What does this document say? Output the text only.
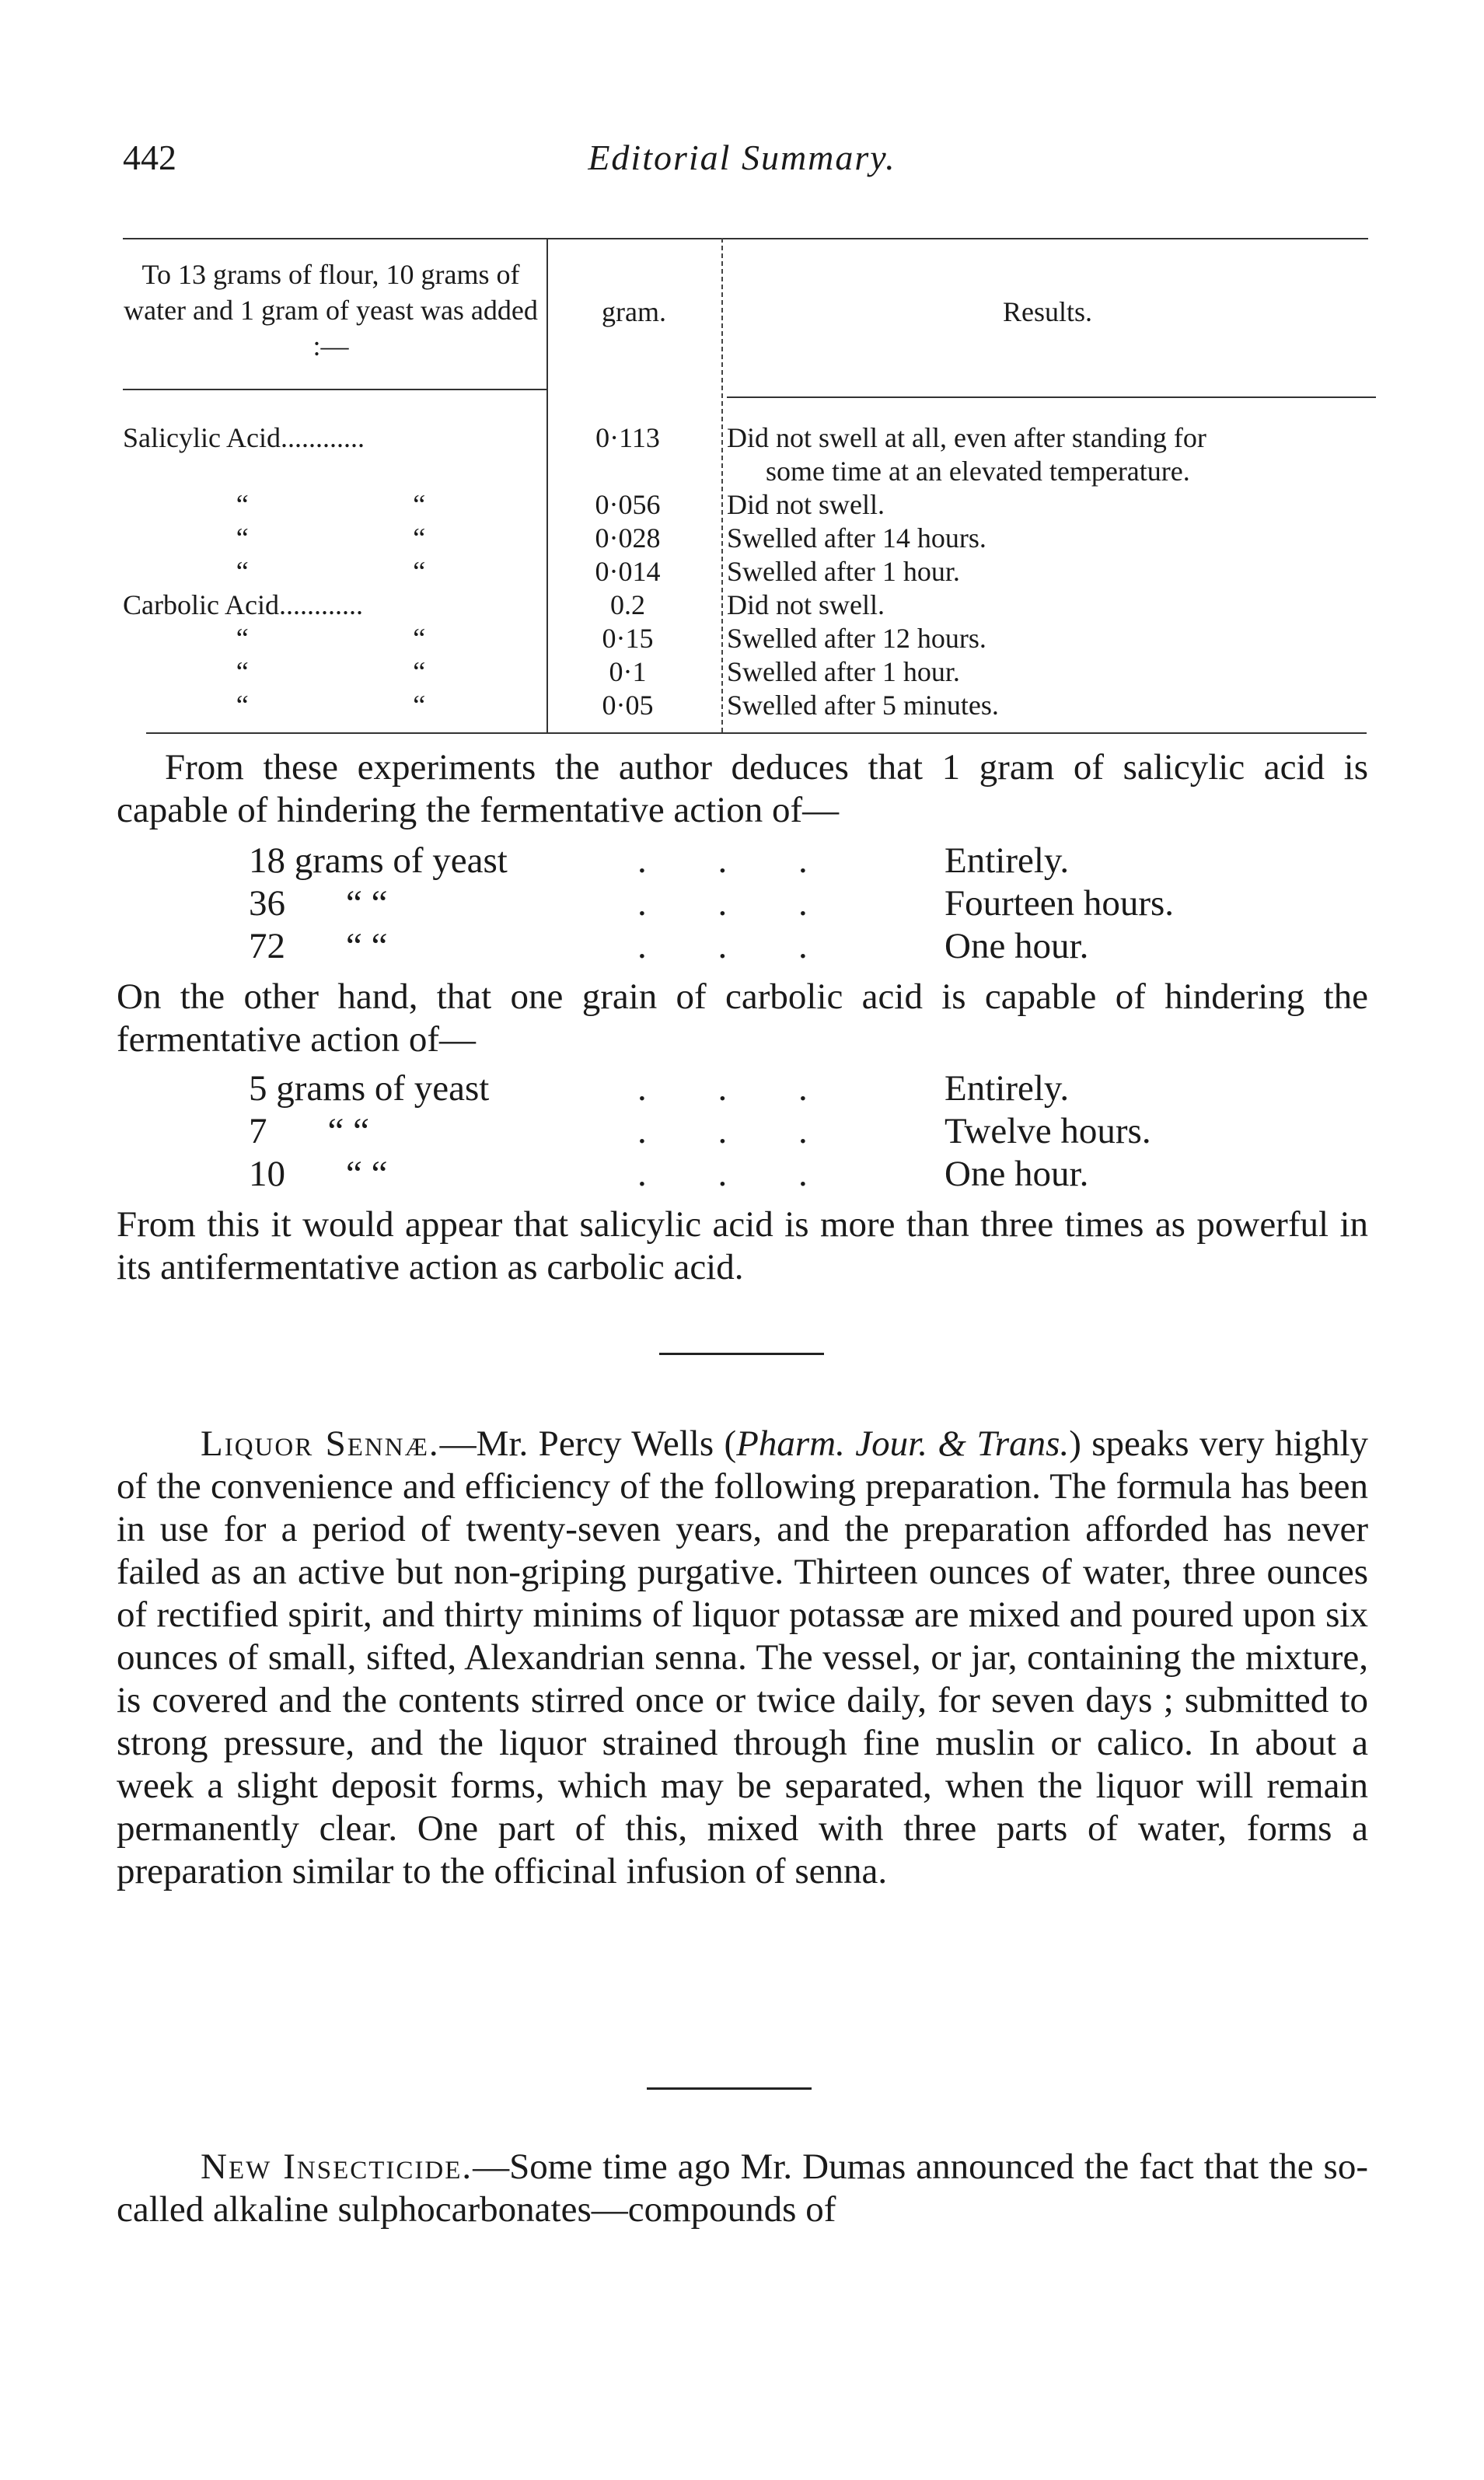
442	Editorial Summary.
To 13 grams of flour, 10 grams of water and 1 gram of yeast was added :—
gram.	Results.
Salicylic Acid............	0·113	Did not swell at all, even after standing for
some time at an elevated temperature.
“	“	0·056	Did not swell.
“	“	0·028	Swelled after 14 hours.
“	“	0·014	Swelled after 1 hour.
Carbolic Acid............	0.2	Did not swell.
“	“	0·15	Swelled after 12 hours.
“	“	0·1	Swelled after 1 hour.
“	“	0·05	Swelled after 5 minutes.
From these experiments the author deduces that 1 gram of salicylic acid is capable of hindering the fermentative action of—
18 grams of yeast	. . .	Entirely.
36 “ “	. . .	Fourteen hours.
72 “ “	. . .	One hour.
On the other hand, that one grain of carbolic acid is capable of hindering the fermentative action of—
5 grams of yeast	. . .	Entirely.
7 “ “	. . .	Twelve hours.
10 “ “	. . .	One hour.
From this it would appear that salicylic acid is more than three times as powerful in its antifermentative action as carbolic acid.
Liquor Sennæ.—Mr. Percy Wells (Pharm. Jour. & Trans.) speaks very highly of the convenience and efficiency of the following preparation. The formula has been in use for a period of twenty-seven years, and the preparation afforded has never failed as an active but non-griping purgative. Thirteen ounces of water, three ounces of rectified spirit, and thirty minims of liquor potassæ are mixed and poured upon six ounces of small, sifted, Alexandrian senna. The vessel, or jar, containing the mixture, is covered and the contents stirred once or twice daily, for seven days ; submitted to strong pressure, and the liquor strained through fine muslin or calico. In about a week a slight deposit forms, which may be separated, when the liquor will remain permanently clear. One part of this, mixed with three parts of water, forms a preparation similar to the officinal infusion of senna.
New Insecticide.—Some time ago Mr. Dumas announced the fact that the so-called alkaline sulphocarbonates—compounds of
